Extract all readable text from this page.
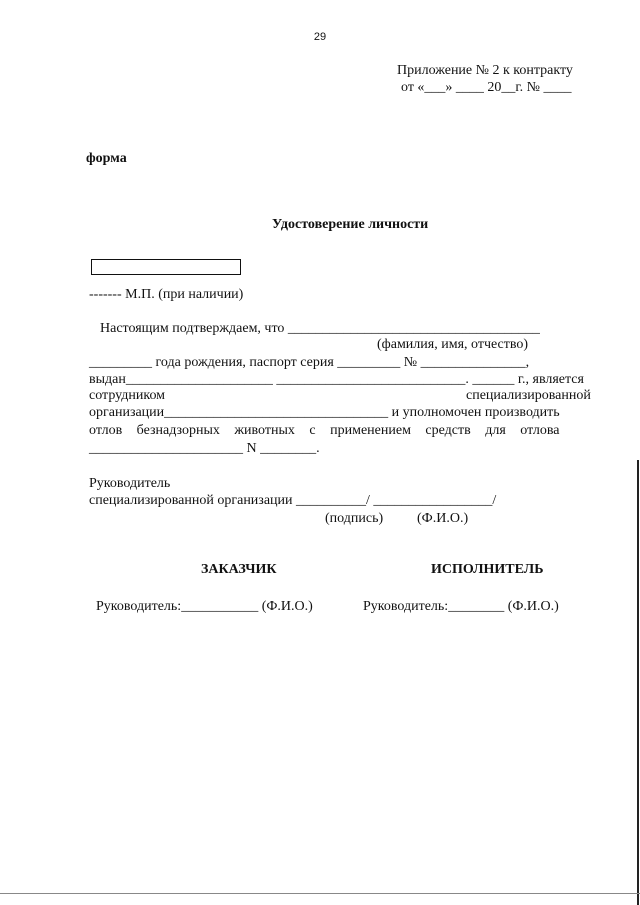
29
Приложение № 2 к контракту
от «___» ____ 20__г. № ____
форма
Удостоверение личности
------- М.П. (при наличии)
Настоящим подтверждаем, что ____________________________________
(фамилия, имя, отчество)
_________ года рождения, паспорт серия _________ № _______________,
выдан_____________________ ___________________________. ______ г., является
сотрудником	специализированной
организации________________________________ и уполномочен производить
отлов безнадзорных животных с применением средств для отлова
______________________ N ________.
Руководитель
специализированной организации __________/ _________________/
(подпись) (Ф.И.О.)
ЗАКАЗЧИК	ИСПОЛНИТЕЛЬ
Руководитель:___________ (Ф.И.О.)	Руководитель:________ (Ф.И.О.)
